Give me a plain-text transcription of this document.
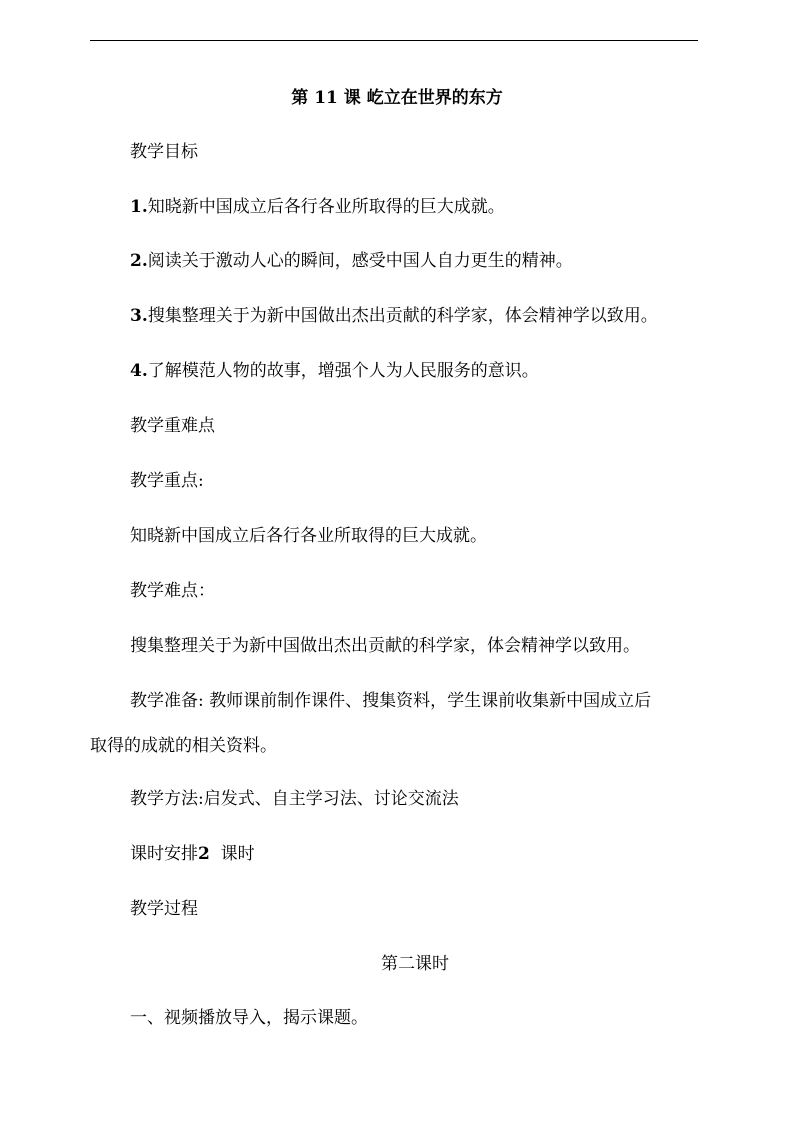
第 11 课 屹立在世界的东方

教学目标

1.知晓新中国成立后各行各业所取得的巨大成就。

2.阅读关于激动人心的瞬间，感受中国人自力更生的精神。

3.搜集整理关于为新中国做出杰出贡献的科学家，体会精神学以致用。

4.了解模范人物的故事，增强个人为人民服务的意识。

教学重难点

教学重点:

知晓新中国成立后各行各业所取得的巨大成就。

教学难点：

搜集整理关于为新中国做出杰出贡献的科学家，体会精神学以致用。

教学准备: 教师课前制作课件、搜集资料，学生课前收集新中国成立后

取得的成就的相关资料。

教学方法:启发式、自主学习法、讨论交流法

课时安排2  课时

教学过程

第二课时

一、视频播放导入，揭示课题。
